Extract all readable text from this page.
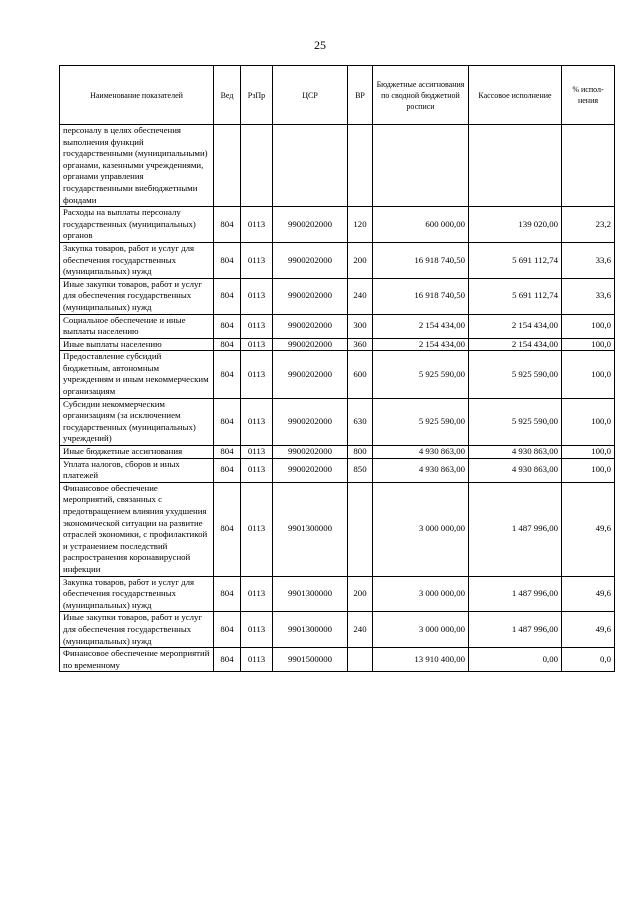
25
Наименование показателей	Вед	РзПр	ЦСР	ВР	Бюджетные ассигнования по сводной бюджетной росписи	Кассовое исполнение	% испол-нения
персоналу в целях обеспечения выполнения функций государственными (муниципальными) органами, казенными учреждениями, органами управления государственными внебюджетными фондами							
Расходы на выплаты персоналу государственных (муниципальных) органов	804	0113	9900202000	120	600 000,00	139 020,00	23,2
Закупка товаров, работ и услуг для обеспечения государственных (муниципальных) нужд	804	0113	9900202000	200	16 918 740,50	5 691 112,74	33,6
Иные закупки товаров, работ и услуг для обеспечения государственных (муниципальных) нужд	804	0113	9900202000	240	16 918 740,50	5 691 112,74	33,6
Социальное обеспечение и иные выплаты населению	804	0113	9900202000	300	2 154 434,00	2 154 434,00	100,0
Иные выплаты населению	804	0113	9900202000	360	2 154 434,00	2 154 434,00	100,0
Предоставление субсидий бюджетным, автономным учреждениям и иным некоммерческим организациям	804	0113	9900202000	600	5 925 590,00	5 925 590,00	100,0
Субсидии некоммерческим организациям (за исключением государственных (муниципальных) учреждений)	804	0113	9900202000	630	5 925 590,00	5 925 590,00	100,0
Иные бюджетные ассигнования	804	0113	9900202000	800	4 930 863,00	4 930 863,00	100,0
Уплата налогов, сборов и иных платежей	804	0113	9900202000	850	4 930 863,00	4 930 863,00	100,0
Финансовое обеспечение мероприятий, связанных с предотвращением влияния ухудшения экономической ситуации на развитие отраслей экономики, с профилактикой и устранением последствий распространения коронавирусной инфекции	804	0113	9901300000		3 000 000,00	1 487 996,00	49,6
Закупка товаров, работ и услуг для обеспечения государственных (муниципальных) нужд	804	0113	9901300000	200	3 000 000,00	1 487 996,00	49,6
Иные закупки товаров, работ и услуг для обеспечения государственных (муниципальных) нужд	804	0113	9901300000	240	3 000 000,00	1 487 996,00	49,6
Финансовое обеспечение мероприятий по временному	804	0113	9901500000		13 910 400,00	0,00	0,0
